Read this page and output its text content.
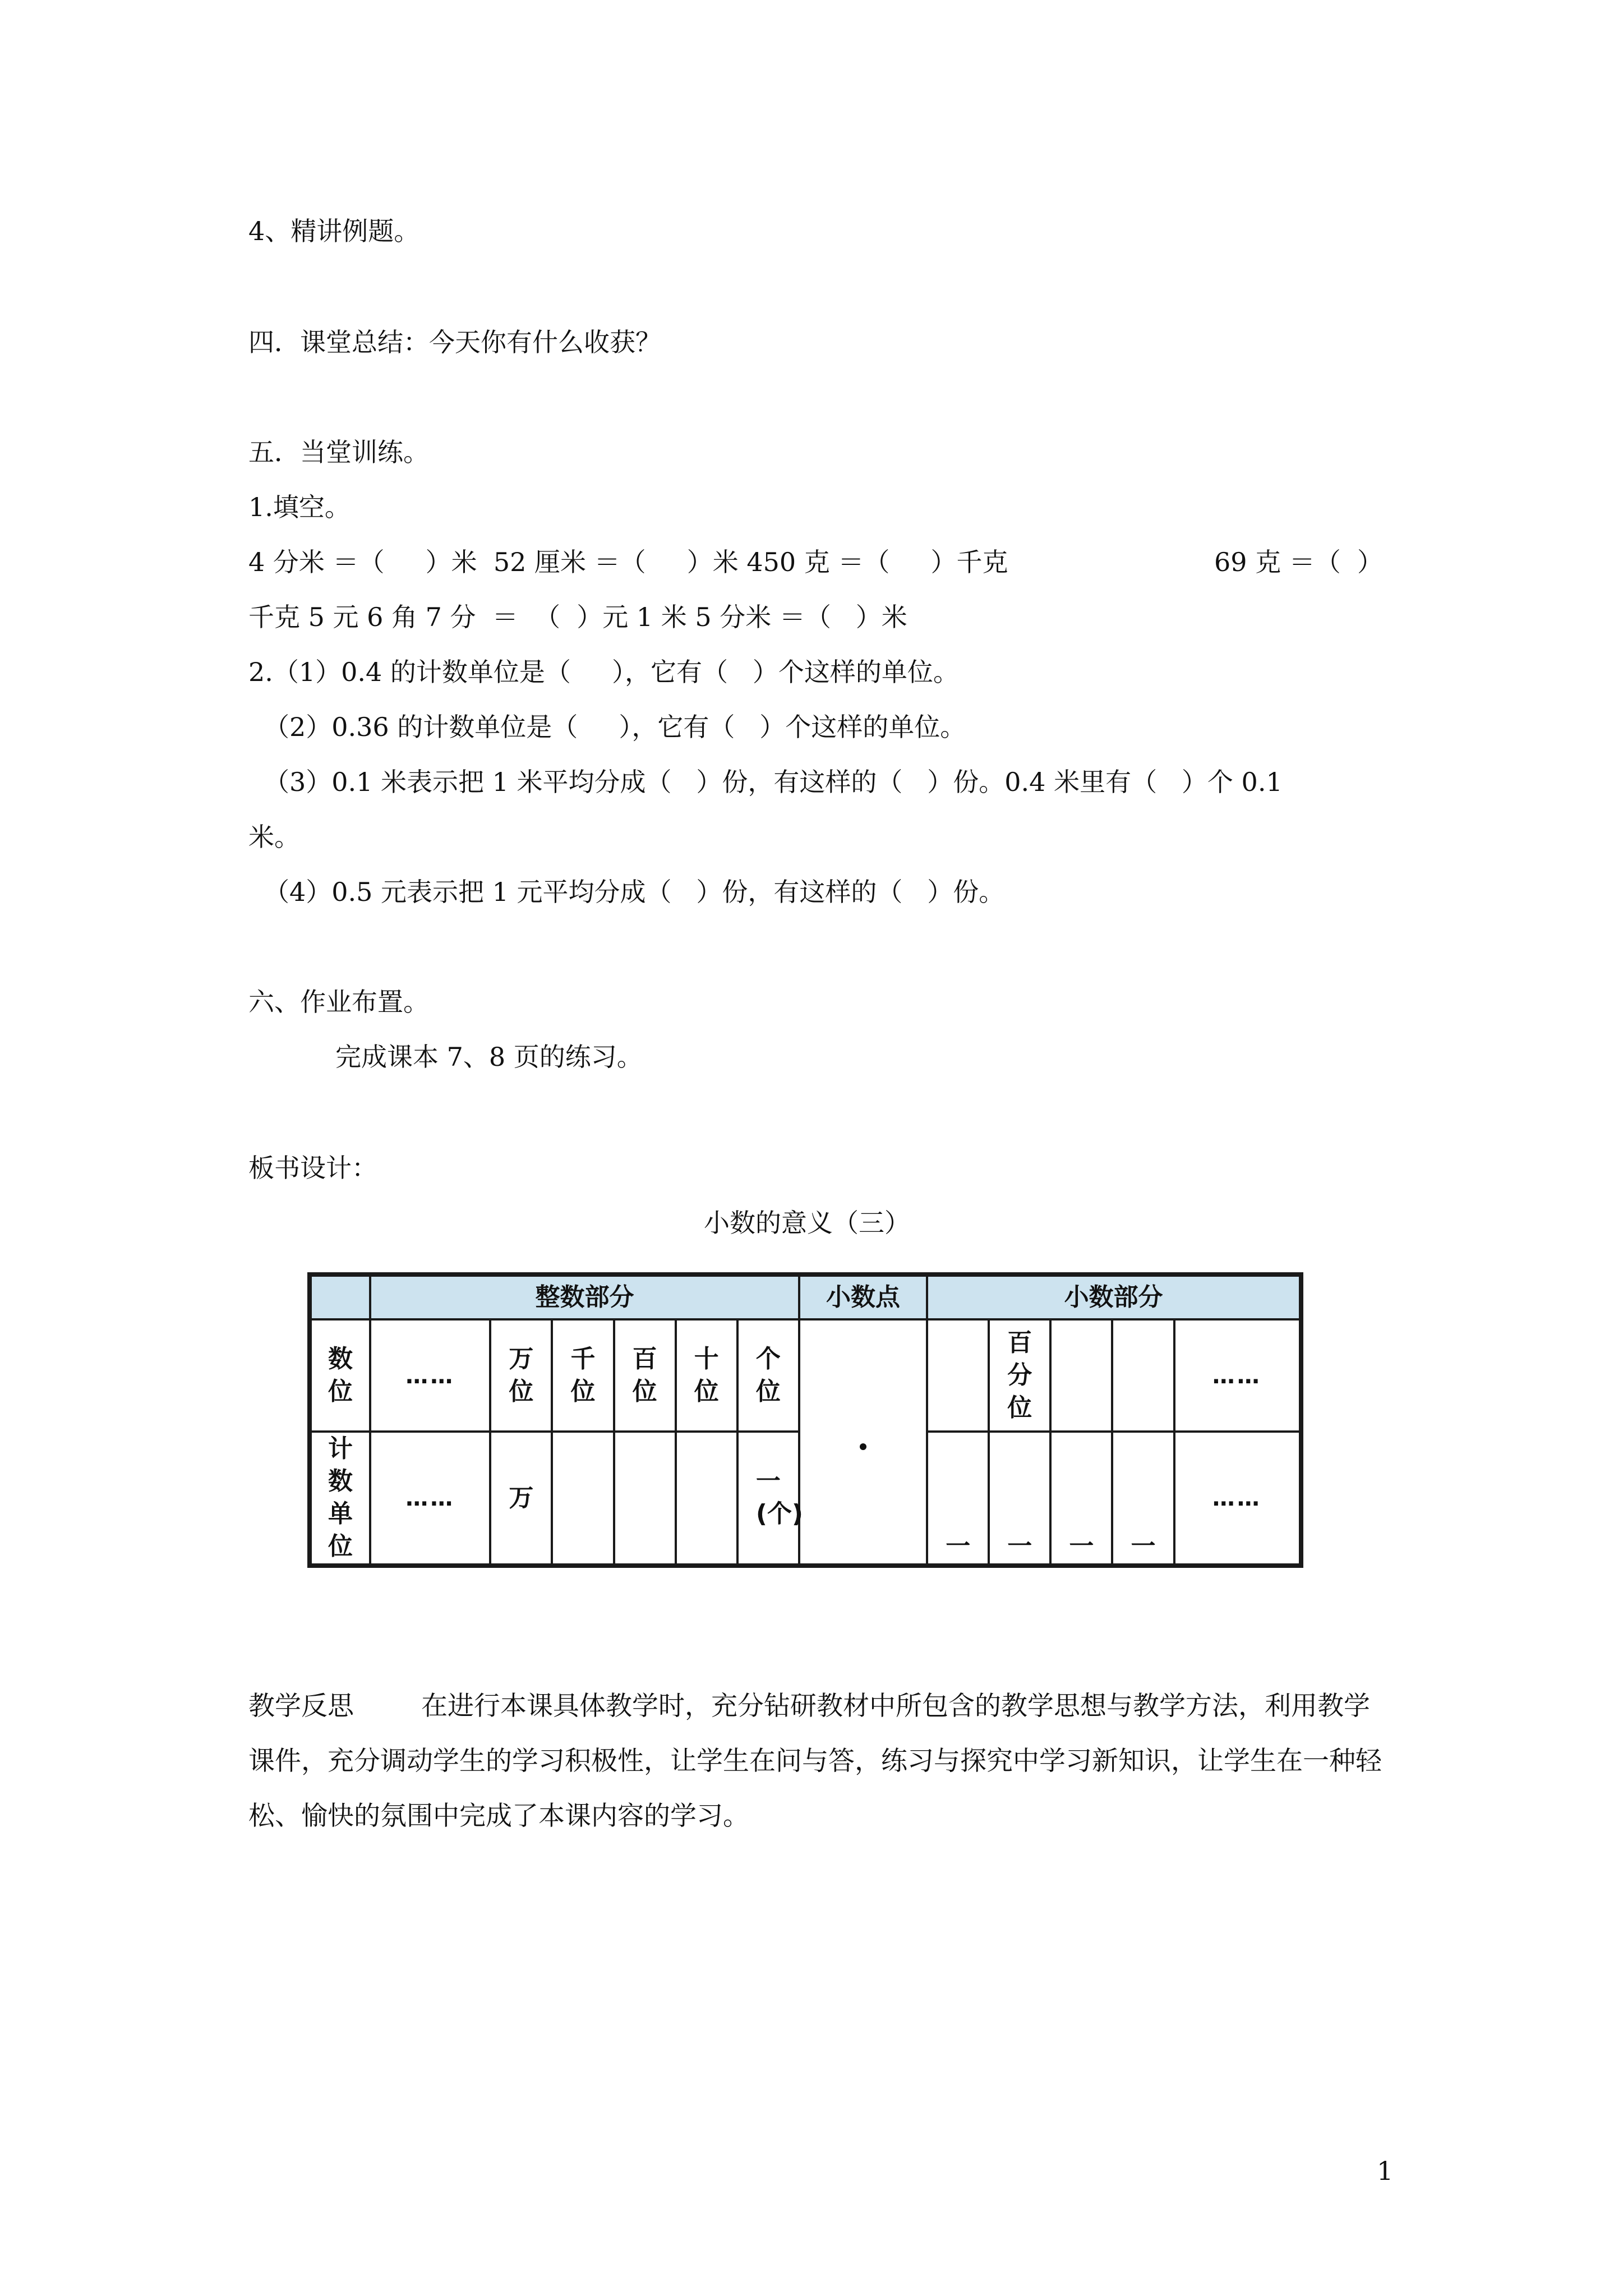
4、精讲例题。
四．课堂总结：今天你有什么收获？
五．当堂训练。
1.填空。
4 分米 ＝（     ）米  52 厘米 ＝（     ）米 450 克 ＝（     ）千克	69 克 ＝（  ）
千克 5 元 6 角 7 分  ＝  （  ）元 1 米 5 分米 ＝（   ）米
2.（1）0.4 的计数单位是（     ），它有（   ）个这样的单位。
（2）0.36 的计数单位是（     ），它有（   ）个这样的单位。
（3）0.1 米表示把 1 米平均分成（   ）份，有这样的（   ）份。0.4 米里有（   ）个 0.1
米。
（4）0.5 元表示把 1 元平均分成（   ）份，有这样的（   ）份。
六、作业布置。
完成课本 7、8 页的练习。
板书设计：
小数的意义（三）
	整数部分						小数点	小数部分				
数位	……	万位	千位	百位	十位	个位			百分位			……
计数单位	……	万				一(个)		一	一	一	一	……
教学反思	在进行本课具体教学时，充分钻研教材中所包含的教学思想与教学方法，利用教学课件，充分调动学生的学习积极性，让学生在问与答，练习与探究中学习新知识，让学生在一种轻松、愉快的氛围中完成了本课内容的学习。
1
